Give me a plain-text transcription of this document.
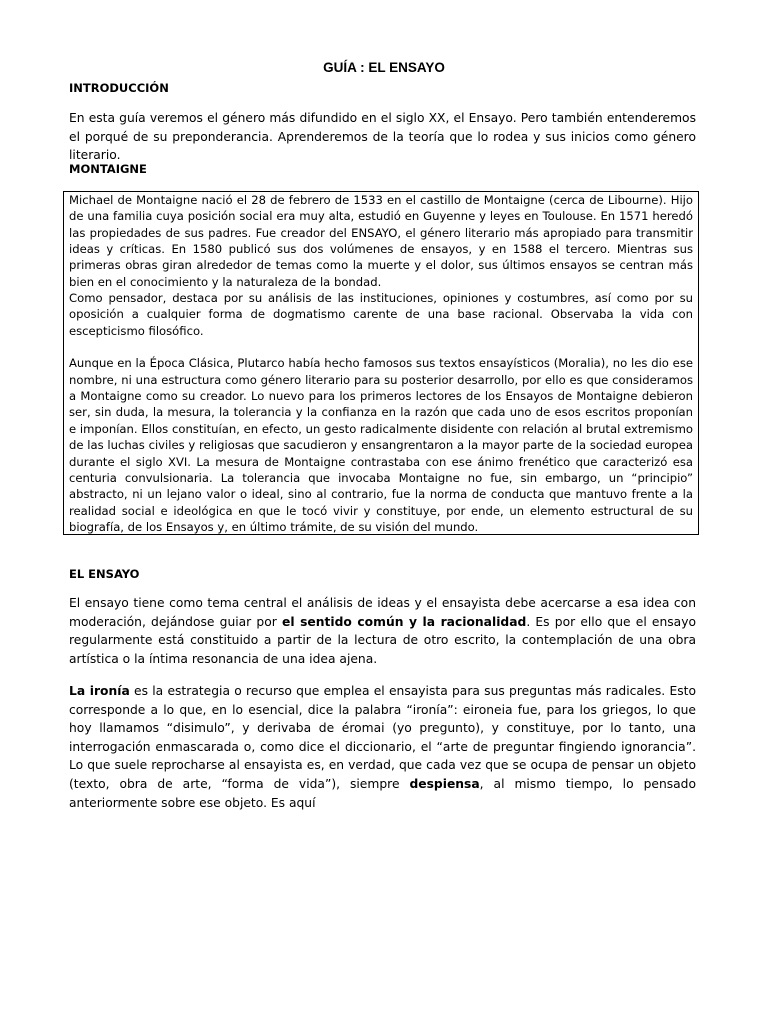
GUÍA : EL ENSAYO
INTRODUCCIÓN

En esta guía veremos el género más difundido en el siglo XX, el Ensayo. Pero también entenderemos el porqué de su preponderancia. Aprenderemos de la teoría que lo rodea y sus inicios como género literario.

MONTAIGNE

Michael de Montaigne nació el 28 de febrero de 1533 en el castillo de Montaigne (cerca de Libourne). Hijo de una familia cuya posición social era muy alta, estudió en Guyenne y leyes en Toulouse. En 1571 heredó las propiedades de sus padres. Fue creador del ENSAYO, el género literario más apropiado para transmitir ideas y críticas. En 1580 publicó sus dos volúmenes de ensayos, y en 1588 el tercero. Mientras sus primeras obras giran alrededor de temas como la muerte y el dolor, sus últimos ensayos se centran más bien en el conocimiento y la naturaleza de la bondad.

Como pensador, destaca por su análisis de las instituciones, opiniones y costumbres, así como por su oposición a cualquier forma de dogmatismo carente de una base racional. Observaba la vida con escepticismo filosófico.

Aunque en la Época Clásica, Plutarco había hecho famosos sus textos ensayísticos (Moralia), no les dio ese nombre, ni una estructura como género literario para su posterior desarrollo, por ello es que consideramos a Montaigne como su creador. Lo nuevo para los primeros lectores de los Ensayos de Montaigne debieron ser, sin duda, la mesura, la tolerancia y la confianza en la razón que cada uno de esos escritos proponían e imponían. Ellos constituían, en efecto, un gesto radicalmente disidente con relación al brutal extremismo de las luchas civiles y religiosas que sacudieron y ensangrentaron a la mayor parte de la sociedad europea durante el siglo XVI. La mesura de Montaigne contrastaba con ese ánimo frenético que caracterizó esa centuria convulsionaria. La tolerancia que invocaba Montaigne no fue, sin embargo, un “principio” abstracto, ni un lejano valor o ideal, sino al contrario, fue la norma de conducta que mantuvo frente a la realidad social e ideológica en que le tocó vivir y constituye, por ende, un elemento estructural de su biografía, de los Ensayos y, en último trámite, de su visión del mundo.

EL ENSAYO

El ensayo tiene como tema central el análisis de ideas y el ensayista debe acercarse a esa idea con moderación, dejándose guiar por el sentido común y la racionalidad. Es por ello que el ensayo regularmente está constituido a partir de la lectura de otro escrito, la contemplación de una obra artística o la íntima resonancia de una idea ajena.

La ironía es la estrategia o recurso que emplea el ensayista para sus preguntas más radicales. Esto corresponde a lo que, en lo esencial, dice la palabra “ironía”: eironeia fue, para los griegos, lo que hoy llamamos “disimulo”, y derivaba de éromai (yo pregunto), y constituye, por lo tanto, una interrogación enmascarada o, como dice el diccionario, el “arte de preguntar fingiendo ignorancia”. Lo que suele reprocharse al ensayista es, en verdad, que cada vez que se ocupa de pensar un objeto (texto, obra de arte, “forma de vida”), siempre despiensa, al mismo tiempo, lo pensado anteriormente sobre ese objeto. Es aquí
